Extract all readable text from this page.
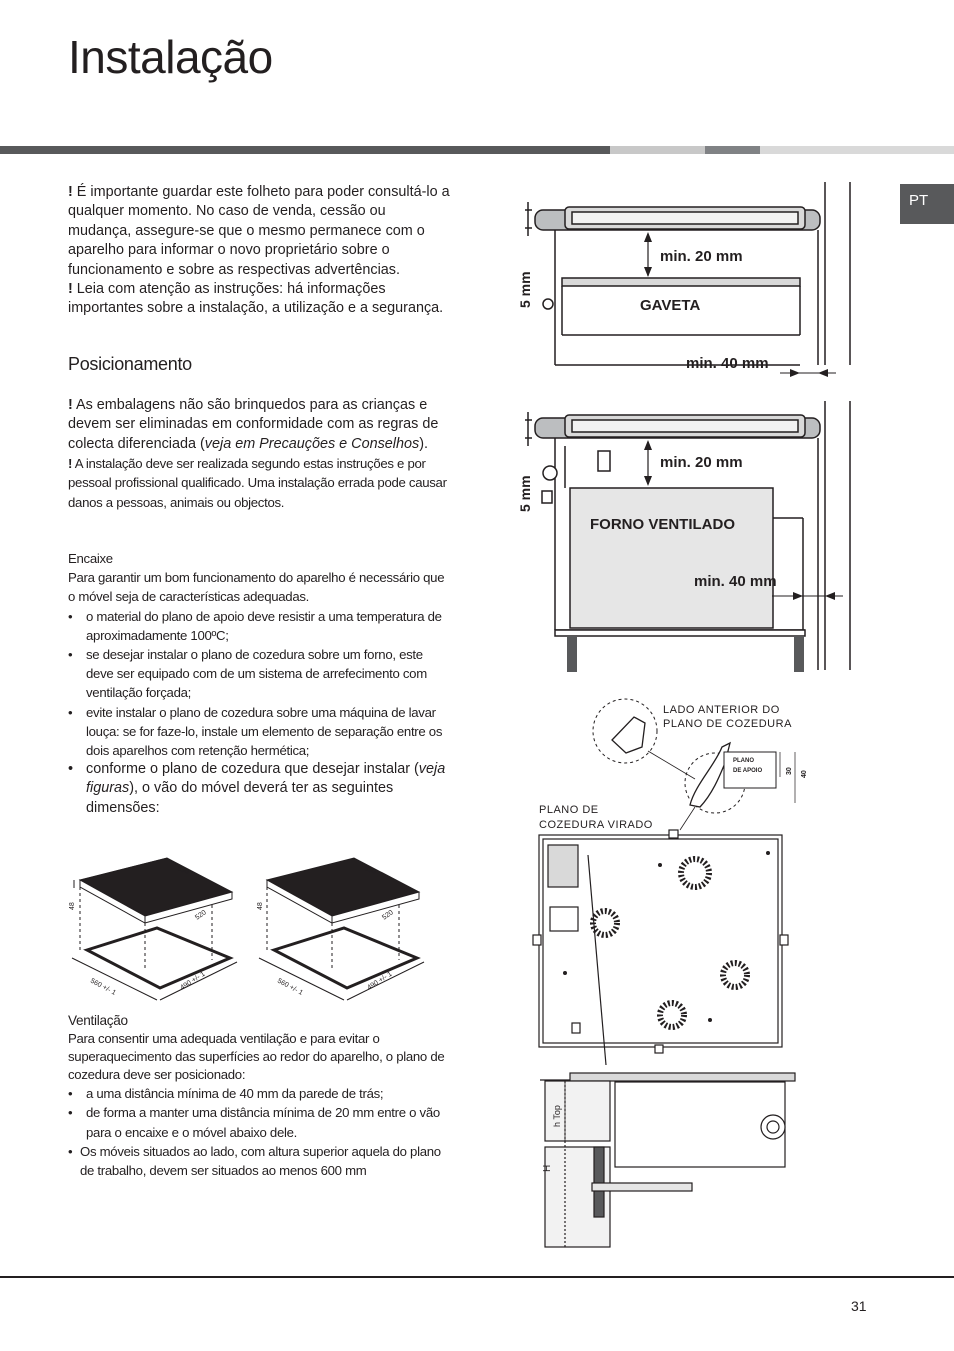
Instalação
PT

! É importante guardar este folheto para poder consultá-lo a qualquer momento. No caso de venda, cessão ou mudança, assegure-se que o mesmo permanece com o aparelho para informar o novo proprietário sobre o funcionamento e sobre as respectivas advertências.

! Leia com atenção as instruções: há informações importantes sobre a instalação, a utilização e a segurança.

Posicionamento

! As embalagens não são brinquedos para as crianças e devem ser eliminadas em conformidade com as regras de colecta diferenciada (veja em Precauções e Conselhos).

! A instalação deve ser realizada segundo estas instruções e por pessoal profissional qualificado. Uma instalação errada pode causar danos a pessoas, animais ou objectos.

Encaixe

Para garantir um bom funcionamento do aparelho é necessário que o móvel seja de características adequadas.

• o material do plano de apoio deve resistir a uma temperatura de aproximadamente 100ºC;

• se desejar instalar o plano de cozedura sobre um forno, este deve ser equipado com de um sistema de arrefecimento com ventilação forçada;

• evite instalar o plano de cozedura sobre uma máquina de lavar louça: se for faze-lo, instale um elemento de separação entre os dois aparelhos com retenção hermética;

• conforme o plano de cozedura que desejar instalar (veja figuras), o vão do móvel deverá ter as seguintes dimensões:

590
520
48
560 +/- 1	490 +/- 1
590
520
48
560 +/- 1	490 +/- 1

Ventilação

Para consentir uma adequada ventilação e para evitar o superaquecimento das superfícies ao redor do aparelho, o plano de cozedura deve ser posicionado:

• a uma distância mínima de 40 mm da parede de trás;

• de forma a manter uma distância mínima de 20 mm entre o vão para o encaixe e o móvel abaixo dele.

• Os móveis situados ao lado, com altura superior aquela do plano de trabalho, devem ser situados ao menos 600 mm

min. 20 mm
GAVETA
min. 40 mm
5 mm
min. 20 mm
FORNO VENTILADO
min. 40 mm
5 mm
LADO ANTERIOR DO
PLANO DE COZEDURA
PLANO
DE APOIO	30 40
PLANO DE
COZEDURA VIRADO
h Top
H
31
